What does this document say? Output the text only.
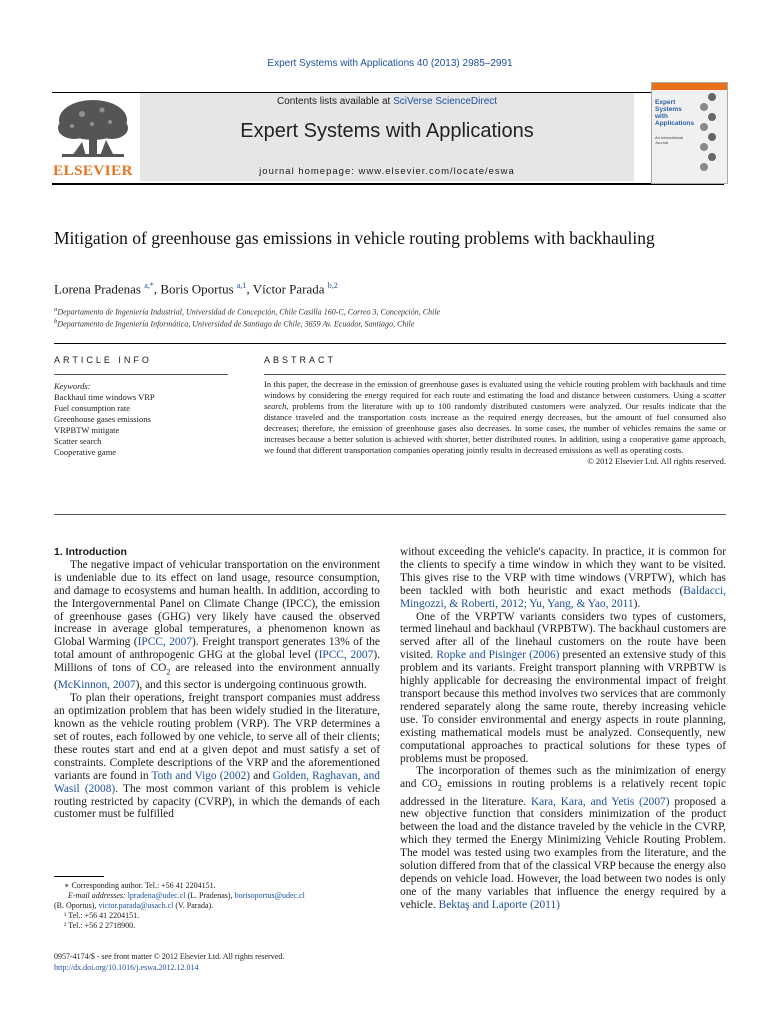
Expert Systems with Applications 40 (2013) 2985–2991
ELSEVIER
Contents lists available at SciVerse ScienceDirect
Expert Systems with Applications
journal homepage: www.elsevier.com/locate/eswa
Expert
Systems
with
Applications
An International Journal
Mitigation of greenhouse gas emissions in vehicle routing problems with backhauling
Lorena Pradenas $^{a,*}$, Boris Oportus $^{a,1}$, Víctor Parada $^{b,2}$
$^a$Departamento de Ingeniería Industrial, Universidad de Concepción, Chile Casilla 160-C, Correo 3, Concepción, Chile
$^b$Departamento de Ingeniería Informática, Universidad de Santiago de Chile, 3659 Av. Ecuador, Santiago, Chile
ARTICLE INFO	ABSTRACT
Keywords:
Backhaul time windows VRP
Fuel consumption rate
Greenhouse gases emissions
VRPBTW mitigate
Scatter search
Cooperative game
In this paper, the decrease in the emission of greenhouse gases is evaluated using the vehicle routing problem with backhauls and time windows by considering the energy required for each route and estimating the load and distance between customers. Using a scatter search, problems from the literature with up to 100 randomly distributed customers were analyzed. Our results indicate that the distance traveled and the transportation costs increase as the required energy decreases, but the amount of fuel consumed also decreases; therefore, the emission of greenhouse gases also decreases. In some cases, the number of vehicles remains the same or increases because a better solution is achieved with shorter, better distributed routes. In addition, using a cooperative game approach, we found that different transportation companies operating jointly results in decreased emissions as well as operating costs.
© 2012 Elsevier Ltd. All rights reserved.

1. Introduction

The negative impact of vehicular transportation on the environment is undeniable due to its effect on land usage, resource consumption, and damage to ecosystems and human health. In addition, according to the Intergovernmental Panel on Climate Change (IPCC), the emission of greenhouse gases (GHG) very likely have caused the observed increase in average global temperatures, a phenomenon known as Global Warming (IPCC, 2007). Freight transport generates 13% of the total amount of anthropogenic GHG at the global level (IPCC, 2007). Millions of tons of $CO_2$ are released into the environment annually (McKinnon, 2007), and this sector is undergoing continuous growth.

To plan their operations, freight transport companies must address an optimization problem that has been widely studied in the literature, known as the vehicle routing problem (VRP). The VRP determines a set of routes, each followed by one vehicle, to serve all of their clients; these routes start and end at a given depot and must satisfy a set of constraints. Complete descriptions of the VRP and the aforementioned variants are found in Toth and Vigo (2002) and Golden, Raghavan, and Wasil (2008). The most common variant of this problem is vehicle routing restricted by capacity (CVRP), in which the demands of each customer must be fulfilled

without exceeding the vehicle's capacity. In practice, it is common for the clients to specify a time window in which they want to be visited. This gives rise to the VRP with time windows (VRPTW), which has been tackled with both heuristic and exact methods (Baldacci, Mingozzi, & Roberti, 2012; Yu, Yang, & Yao, 2011).

One of the VRPTW variants considers two types of customers, termed linehaul and backhaul (VRPBTW). The backhaul customers are served after all of the linehaul customers on the route have been visited. Ropke and Pisinger (2006) presented an extensive study of this problem and its variants. Freight transport planning with VRPBTW is highly applicable for decreasing the environmental impact of freight transport because this method involves two services that are commonly rendered separately along the same route, thereby increasing vehicle use. To consider environmental and energy aspects in route planning, existing mathematical models must be analyzed. Consequently, new computational approaches to practical solutions for these types of problems must be proposed.

The incorporation of themes such as the minimization of energy and $CO_2$ emissions in routing problems is a relatively recent topic addressed in the literature. Kara, Kara, and Yetis (2007) proposed a new objective function that considers minimization of the product between the load and the distance traveled by the vehicle in the CVRP, which they termed the Energy Minimizing Vehicle Routing Problem. The model was tested using two examples from the literature, and the solution differed from that of the classical VRP because the energy also depends on vehicle load. However, the load between two nodes is only one of the many variables that influence the energy required by a vehicle. Bektaş and Laporte (2011)

∗ Corresponding author. Tel.: +56 41 2204151.
E-mail addresses: lpradena@udec.cl (L. Pradenas), borisoportus@udec.cl
(B. Oportus), victor.parada@usach.cl (V. Parada).
¹ Tel.: +56 41 2204151.
² Tel.: +56 2 2718900.
0957-4174/$ - see front matter © 2012 Elsevier Ltd. All rights reserved.
http://dx.doi.org/10.1016/j.eswa.2012.12.014
